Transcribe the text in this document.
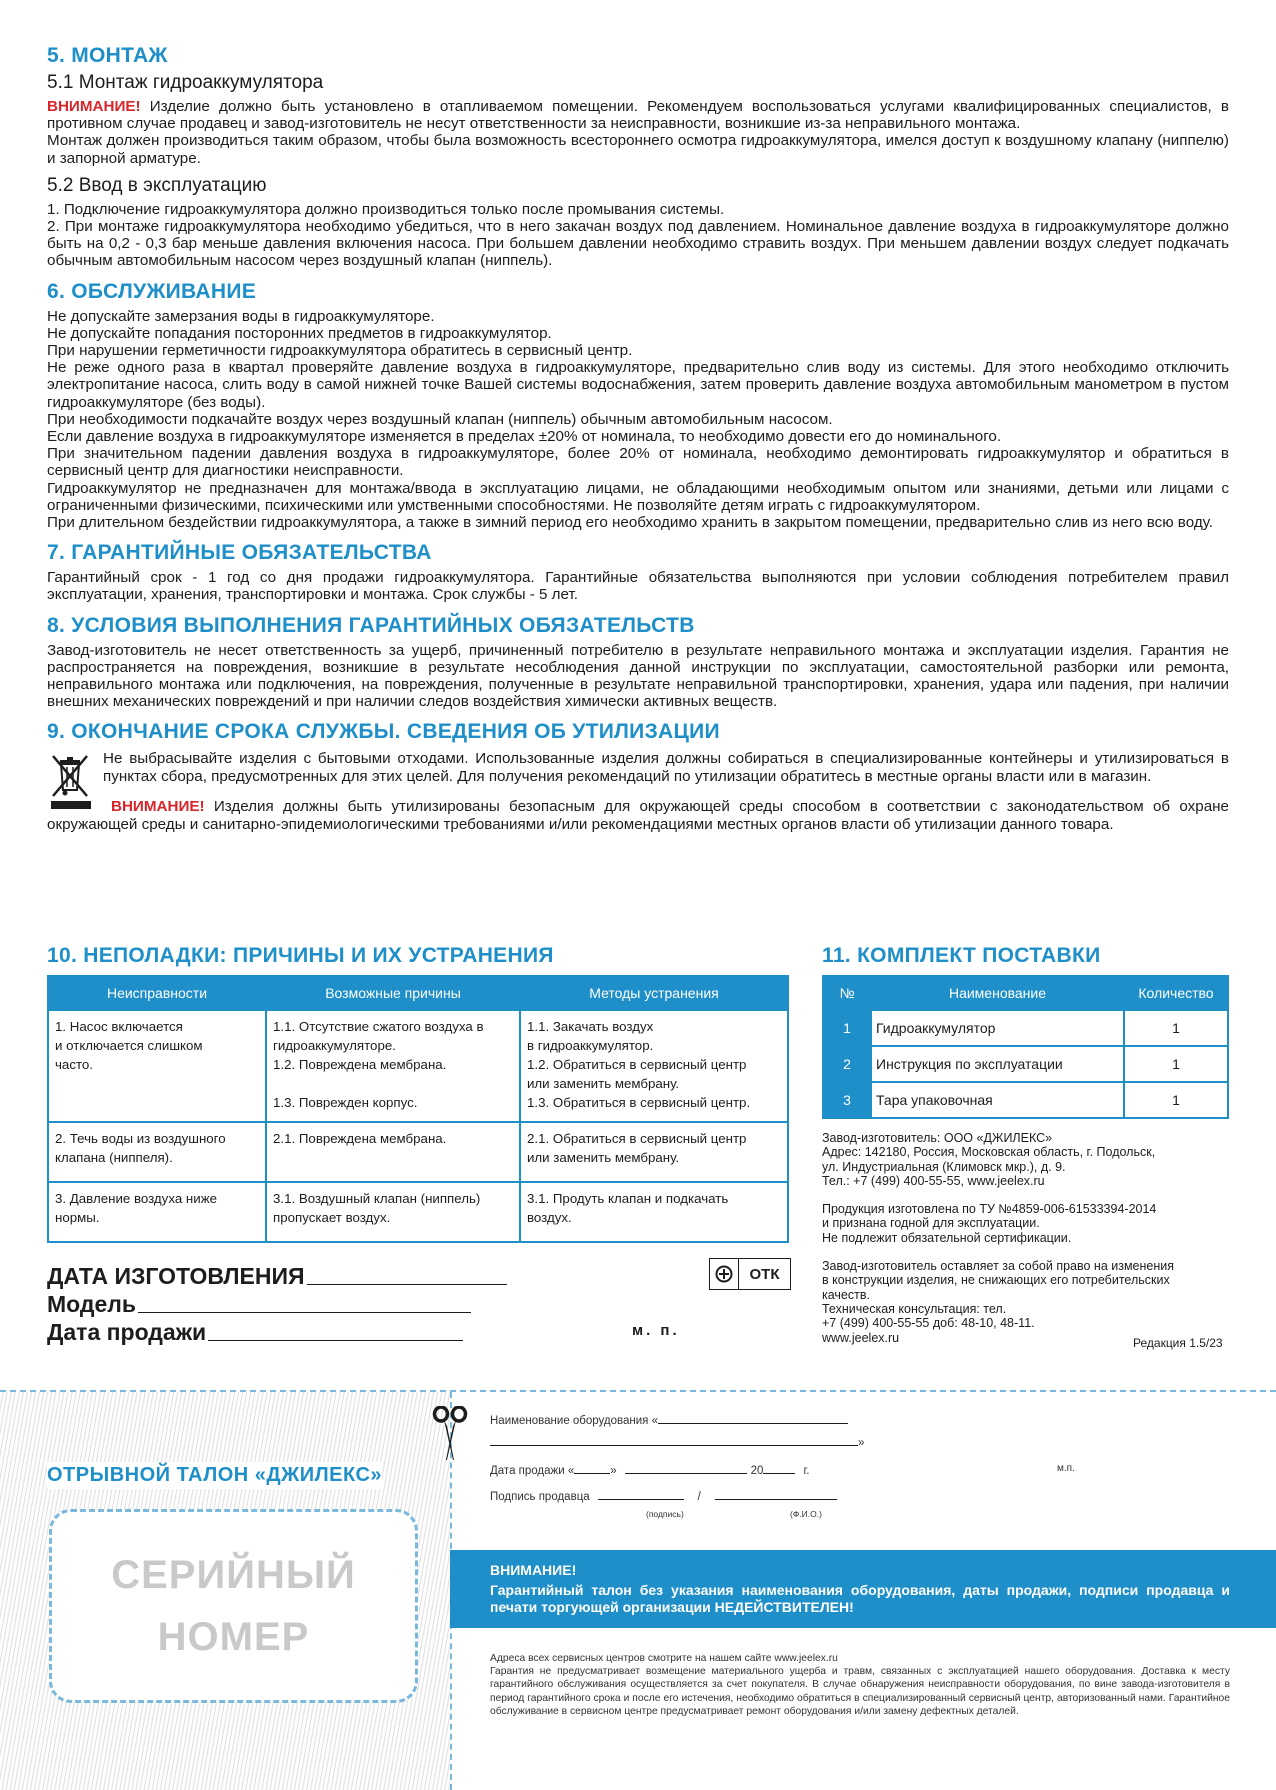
5. МОНТАЖ
5.1 Монтаж гидроаккумулятора

ВНИМАНИЕ! Изделие должно быть установлено в отапливаемом помещении. Рекомендуем воспользоваться услугами квалифицированных специалистов, в противном случае продавец и завод-изготовитель не несут ответственности за неисправности, возникшие из-за неправильного монтажа.

Монтаж должен производиться таким образом, чтобы была возможность всестороннего осмотра гидроаккумулятора, имелся доступ к воздушному клапану (ниппелю) и запорной арматуре.

5.2 Ввод в эксплуатацию

1. Подключение гидроаккумулятора должно производиться только после промывания системы.

2. При монтаже гидроаккумулятора необходимо убедиться, что в него закачан воздух под давлением. Номинальное давление воздуха в гидроаккумуляторе должно быть на 0,2 - 0,3 бар меньше давления включения насоса. При большем давлении необходимо стравить воздух. При меньшем давлении воздух следует подкачать обычным автомобильным насосом через воздушный клапан (ниппель).

6. ОБСЛУЖИВАНИЕ

Не допускайте замерзания воды в гидроаккумуляторе.

Не допускайте попадания посторонних предметов в гидроаккумулятор.

При нарушении герметичности гидроаккумулятора обратитесь в сервисный центр.

Не реже одного раза в квартал проверяйте давление воздуха в гидроаккумуляторе, предварительно слив воду из системы. Для этого необходимо отключить электропитание насоса, слить воду в самой нижней точке Вашей системы водоснабжения, затем проверить давление воздуха автомобильным манометром в пустом гидроаккумуляторе (без воды).

При необходимости подкачайте воздух через воздушный клапан (ниппель) обычным автомобильным насосом.

Если давление воздуха в гидроаккумуляторе изменяется в пределах ±20% от номинала, то необходимо довести его до номинального.

При значительном падении давления воздуха в гидроаккумуляторе, более 20% от номинала, необходимо демонтировать гидроаккумулятор и обратиться в сервисный центр для диагностики неисправности.

Гидроаккумулятор не предназначен для монтажа/ввода в эксплуатацию лицами, не обладающими необходимым опытом или знаниями, детьми или лицами с ограниченными физическими, психическими или умственными способностями. Не позволяйте детям играть с гидроаккумулятором.

При длительном бездействии гидроаккумулятора, а также в зимний период его необходимо хранить в закрытом помещении, предварительно слив из него всю воду.

7. ГАРАНТИЙНЫЕ ОБЯЗАТЕЛЬСТВА

Гарантийный срок - 1 год со дня продажи гидроаккумулятора. Гарантийные обязательства выполняются при условии соблюдения потребителем правил эксплуатации, хранения, транспортировки и монтажа. Срок службы - 5 лет.

8. УСЛОВИЯ ВЫПОЛНЕНИЯ ГАРАНТИЙНЫХ ОБЯЗАТЕЛЬСТВ

Завод-изготовитель не несет ответственность за ущерб, причиненный потребителю в результате неправильного монтажа и эксплуатации изделия. Гарантия не распространяется на повреждения, возникшие в результате несоблюдения данной инструкции по эксплуатации, самостоятельной разборки или ремонта, неправильного монтажа или подключения, на повреждения, полученные в результате неправильной транспортировки, хранения, удара или падения, при наличии внешних механических повреждений и при наличии следов воздействия химически активных веществ.

9. ОКОНЧАНИЕ СРОКА СЛУЖБЫ. СВЕДЕНИЯ ОБ УТИЛИЗАЦИИ

Не выбрасывайте изделия с бытовыми отходами. Использованные изделия должны собираться в специализированные контейнеры и утилизироваться в пунктах сбора, предусмотренных для этих целей. Для получения рекомендаций по утилизации обратитесь в местные органы власти или в магазин.

ВНИМАНИЕ! Изделия должны быть утилизированы безопасным для окружающей среды способом в соответствии с законодательством об охране окружающей среды и санитарно-эпидемиологическими требованиями и/или рекомендациями местных органов власти об утилизации данного товара.

10. НЕПОЛАДКИ: ПРИЧИНЫ И ИХ УСТРАНЕНИЯ
Неисправности	Возможные причины	Методы устранения
1. Насос включается
и отключается слишком
часто.	1.1. Отсутствие сжатого воздуха в гидроаккумуляторе.
1.2. Повреждена мембрана.

1.3. Поврежден корпус.	1.1. Закачать воздух
в гидроаккумулятор.
1.2. Обратиться в сервисный центр
или заменить мембрану.
1.3. Обратиться в сервисный центр.
2. Течь воды из воздушного
клапана (ниппеля).	2.1. Повреждена мембрана.	2.1. Обратиться в сервисный центр
или заменить мембрану.
3. Давление воздуха ниже
нормы.	3.1. Воздушный клапан (ниппель)
пропускает воздух.	3.1. Продуть клапан и подкачать
воздух.
11. КОМПЛЕКТ ПОСТАВКИ
№	Наименование	Количество
1	Гидроаккумулятор	1
2	Инструкция по эксплуатации	1
3	Тара упаковочная	1

Завод-изготовитель: ООО «ДЖИЛЕКС»

Адрес: 142180, Россия, Московская область, г. Подольск,

ул. Индустриальная (Климовск мкр.), д. 9.

Тел.: +7 (499) 400-55-55, www.jeelex.ru

Продукция изготовлена по ТУ №4859-006-61533394-2014

и признана годной для эксплуатации.

Не подлежит обязательной сертификации.

Завод-изготовитель оставляет за собой право на изменения

в конструкции изделия, не снижающих его потребительских

качеств.

Техническая консультация: тел.

+7 (499) 400-55-55 доб: 48-10, 48-11.

www.jeelex.ru	Редакция 1.5/23
ДАТА ИЗГОТОВЛЕНИЯ
Модель
Дата продажи
ОТК
м. п.
ОТРЫВНОЙ ТАЛОН «ДЖИЛЕКС»
СЕРИЙНЫЙ
НОМЕР
Наименование оборудования «
»
Дата продажи «	»	20	г.
Подпись продавца	/
(подпись)	(Ф.И.О.)
м.п.

ВНИМАНИЕ!

Гарантийный талон без указания наименования оборудования, даты продажи, подписи продавца и печати торгующей организации НЕДЕЙСТВИТЕЛЕН!

Адреса всех сервисных центров смотрите на нашем сайте www.jeelex.ru

Гарантия не предусматривает возмещение материального ущерба и травм, связанных с эксплуатацией нашего оборудования. Доставка к месту гарантийного обслуживания осуществляется за счет покупателя. В случае обнаружения неисправности оборудования, по вине завода-изготовителя в период гарантийного срока и после его истечения, необходимо обратиться в специализированный сервисный центр, авторизованный нами. Гарантийное обслуживание в сервисном центре предусматривает ремонт оборудования и/или замену дефектных деталей.
